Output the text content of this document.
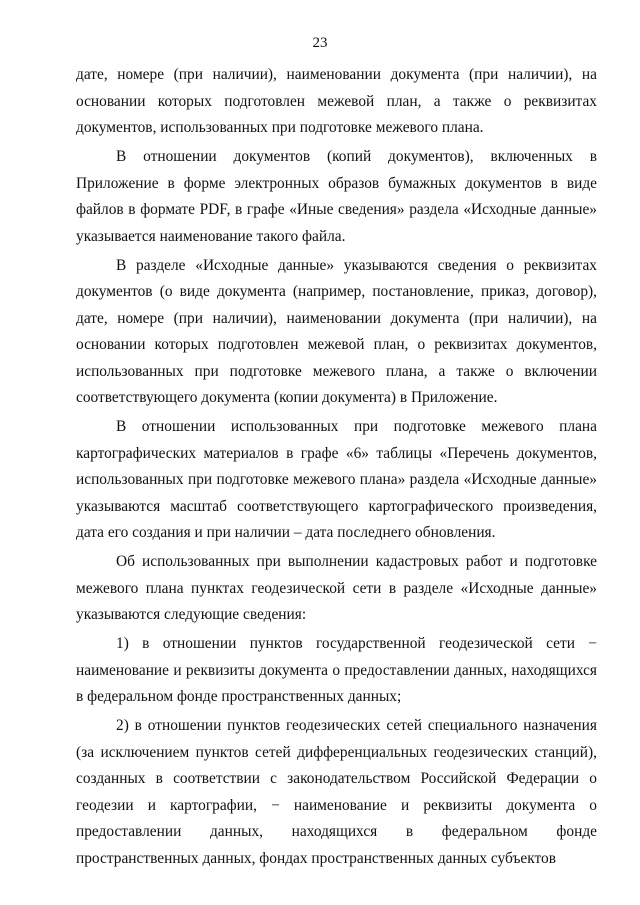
23

дате, номере (при наличии), наименовании документа (при наличии), на основании которых подготовлен межевой план, а также о реквизитах документов, использованных при подготовке межевого плана.

В отношении документов (копий документов), включенных в Приложение в форме электронных образов бумажных документов в виде файлов в формате PDF, в графе «Иные сведения» раздела «Исходные данные» указывается наименование такого файла.

В разделе «Исходные данные» указываются сведения о реквизитах документов (о виде документа (например, постановление, приказ, договор), дате, номере (при наличии), наименовании документа (при наличии), на основании которых подготовлен межевой план, о реквизитах документов, использованных при подготовке межевого плана, а также о включении соответствующего документа (копии документа) в Приложение.

В отношении использованных при подготовке межевого плана картографических материалов в графе «6» таблицы «Перечень документов, использованных при подготовке межевого плана» раздела «Исходные данные» указываются масштаб соответствующего картографического произведения, дата его создания и при наличии – дата последнего обновления.

Об использованных при выполнении кадастровых работ и подготовке межевого плана пунктах геодезической сети в разделе «Исходные данные» указываются следующие сведения:

1) в отношении пунктов государственной геодезической сети − наименование и реквизиты документа о предоставлении данных, находящихся в федеральном фонде пространственных данных;

2) в отношении пунктов геодезических сетей специального назначения (за исключением пунктов сетей дифференциальных геодезических станций), созданных в соответствии с законодательством Российской Федерации о геодезии и картографии, − наименование и реквизиты документа о предоставлении данных, находящихся в федеральном фонде пространственных данных, фондах пространственных данных субъектов
